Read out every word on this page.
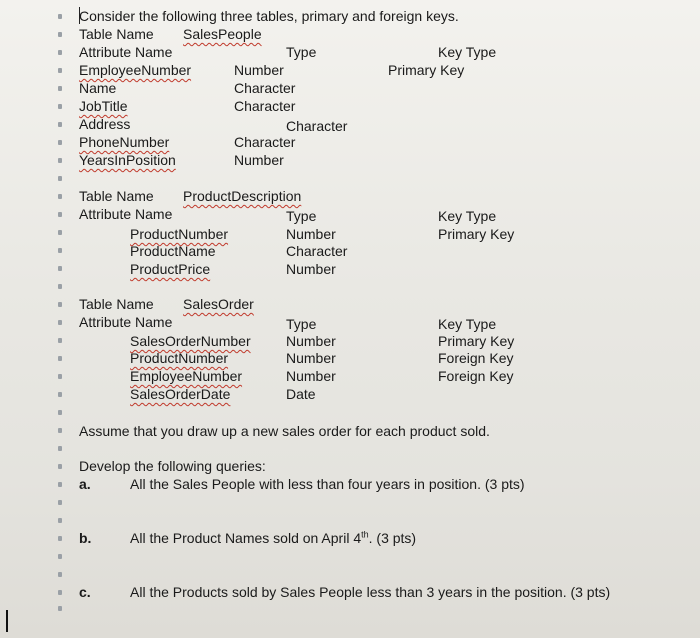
Consider the following three tables, primary and foreign keys.
Table Name SalesPeople
Attribute Name	Type	Key Type
EmployeeNumber	Number	Primary Key
Name	Character
JobTitle	Character
Address	Character
PhoneNumber	Character
YearsInPosition	Number
Table Name ProductDescription
Attribute Name	Type	Key Type
ProductNumber	Number	Primary Key
ProductName	Character
ProductPrice	Number
Table Name SalesOrder
Attribute Name	Type	Key Type
SalesOrderNumber	Number	Primary Key
ProductNumber	Number	Foreign Key
EmployeeNumber	Number	Foreign Key
SalesOrderDate	Date
Assume that you draw up a new sales order for each product sold.
Develop the following queries:
a.	All the Sales People with less than four years in position. (3 pts)
b.	All the Product Names sold on April 4th. (3 pts)
c.	All the Products sold by Sales People less than 3 years in the position. (3 pts)
